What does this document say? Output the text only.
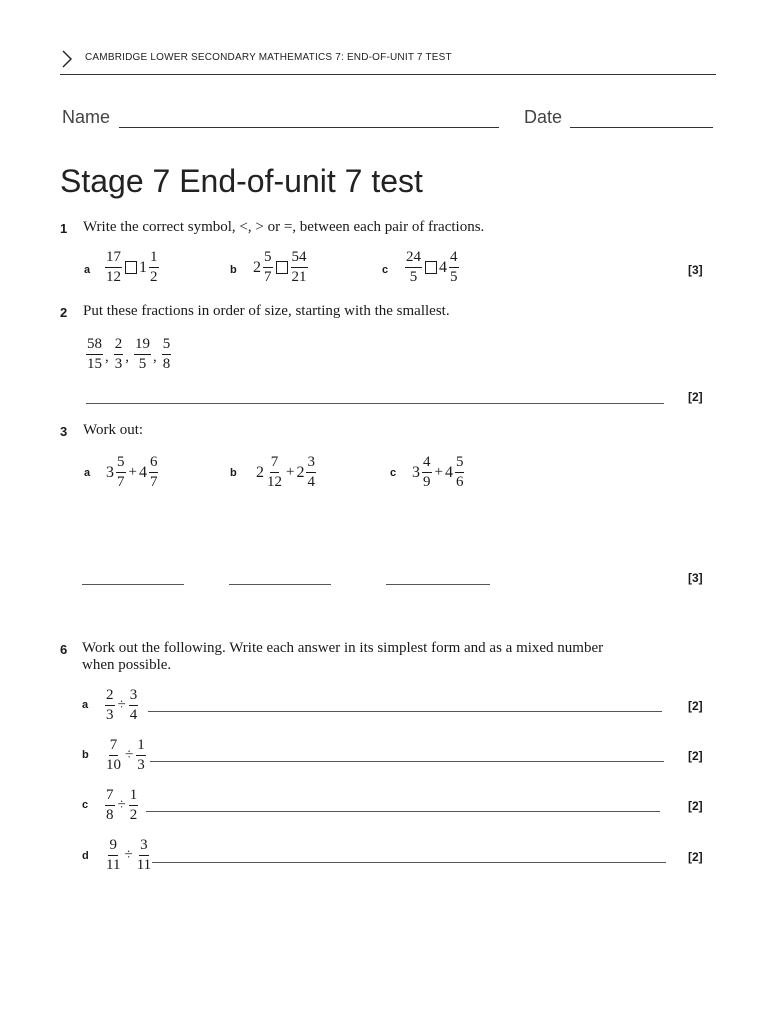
CAMBRIDGE LOWER SECONDARY MATHEMATICS 7: END-OF-UNIT 7 TEST
Name	Date
Stage 7 End-of-unit 7 test
1 Write the correct symbol, <, > or =, between each pair of fractions.
a $\frac{17}{12} 1 \frac{1}{2}$	b $2 \frac{5}{7} \frac{54}{21}$	c $\frac{24}{5} 4 \frac{4}{5}$	[3]
2 Put these fractions in order of size, starting with the smallest.
$\frac{58}{15}$ , $\frac{2}{3}$ , $\frac{19}{5}$ , $\frac{5}{8}$
[2]
3 Work out:
a $3 \frac{5}{7} + 4 \frac{6}{7}$	b $2 \frac{7}{12} + 2 \frac{3}{4}$	c $3 \frac{4}{9} + 4 \frac{5}{6}$
[3]
6 Work out the following. Write each answer in its simplest form and as a mixed number
when possible.
a $\frac{2}{3} \div \frac{3}{4}$	[2]
b $\frac{7}{10} \div \frac{1}{3}$	[2]
c $\frac{7}{8} \div \frac{1}{2}$	[2]
d $\frac{9}{11} \div \frac{3}{11}$	[2]
